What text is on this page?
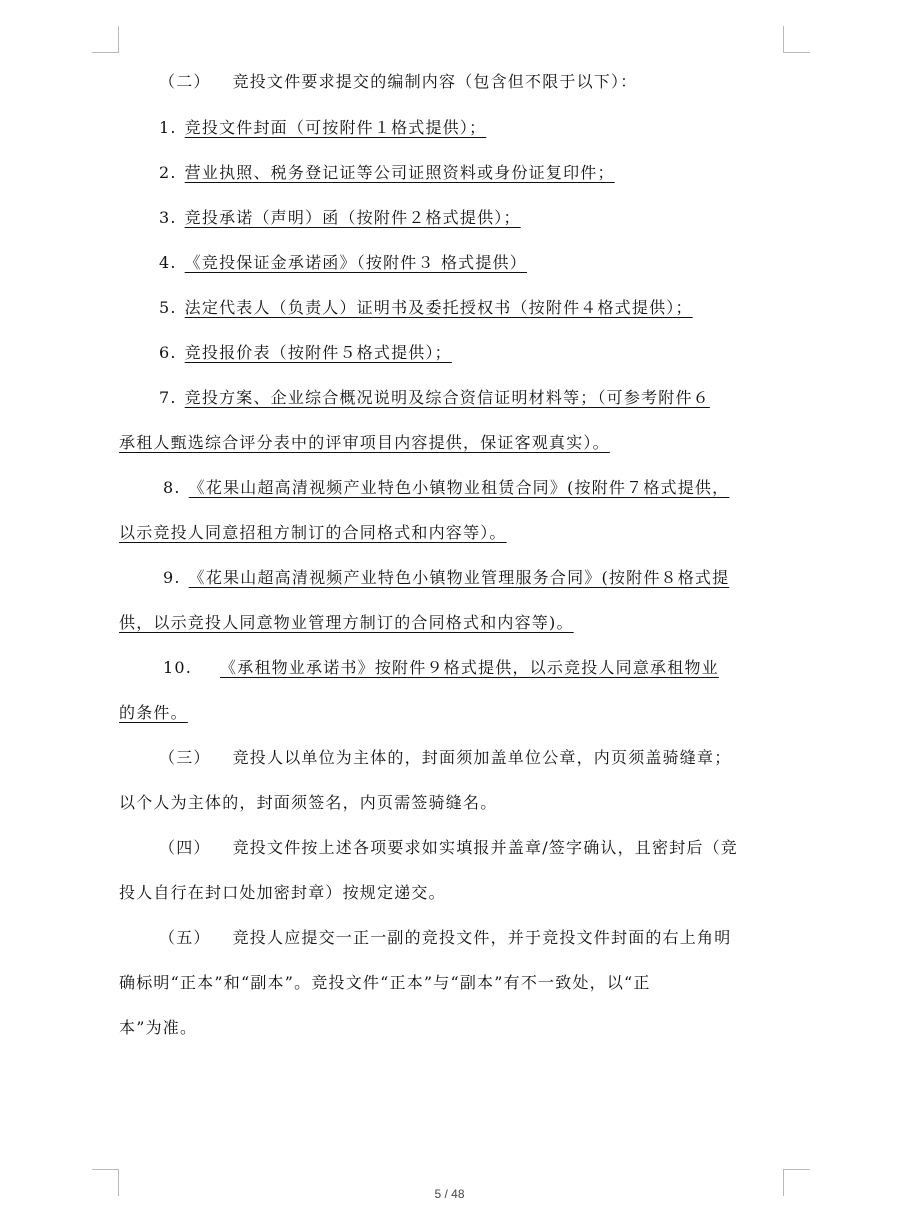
（二） 竞投文件要求提交的编制内容（包含但不限于以下）：
1. 竞投文件封面（可按附件１格式提供）；
2. 营业执照、税务登记证等公司证照资料或身份证复印件；
3. 竞投承诺（声明）函（按附件２格式提供）；
4. 《竞投保证金承诺函》（按附件３ 格式提供）
5. 法定代表人（负责人）证明书及委托授权书（按附件４格式提供）；
6. 竞投报价表（按附件５格式提供）；
7. 竞投方案、企业综合概况说明及综合资信证明材料等；（可参考附件６
承租人甄选综合评分表中的评审项目内容提供，保证客观真实）。
8. 《花果山超高清视频产业特色小镇物业租赁合同》(按附件７格式提供，
以示竞投人同意招租方制订的合同格式和内容等）。
9. 《花果山超高清视频产业特色小镇物业管理服务合同》(按附件８格式提
供，以示竞投人同意物业管理方制订的合同格式和内容等)。
10. 《承租物业承诺书》按附件９格式提供，以示竞投人同意承租物业
的条件。
（三） 竞投人以单位为主体的，封面须加盖单位公章，内页须盖骑缝章；
以个人为主体的，封面须签名，内页需签骑缝名。
（四） 竞投文件按上述各项要求如实填报并盖章/签字确认，且密封后（竞
投人自行在封口处加密封章）按规定递交。
（五） 竞投人应提交一正一副的竞投文件，并于竞投文件封面的右上角明
确标明“正本”和“副本”。竞投文件“正本”与“副本”有不一致处，以“正
本”为准。
5 / 48
